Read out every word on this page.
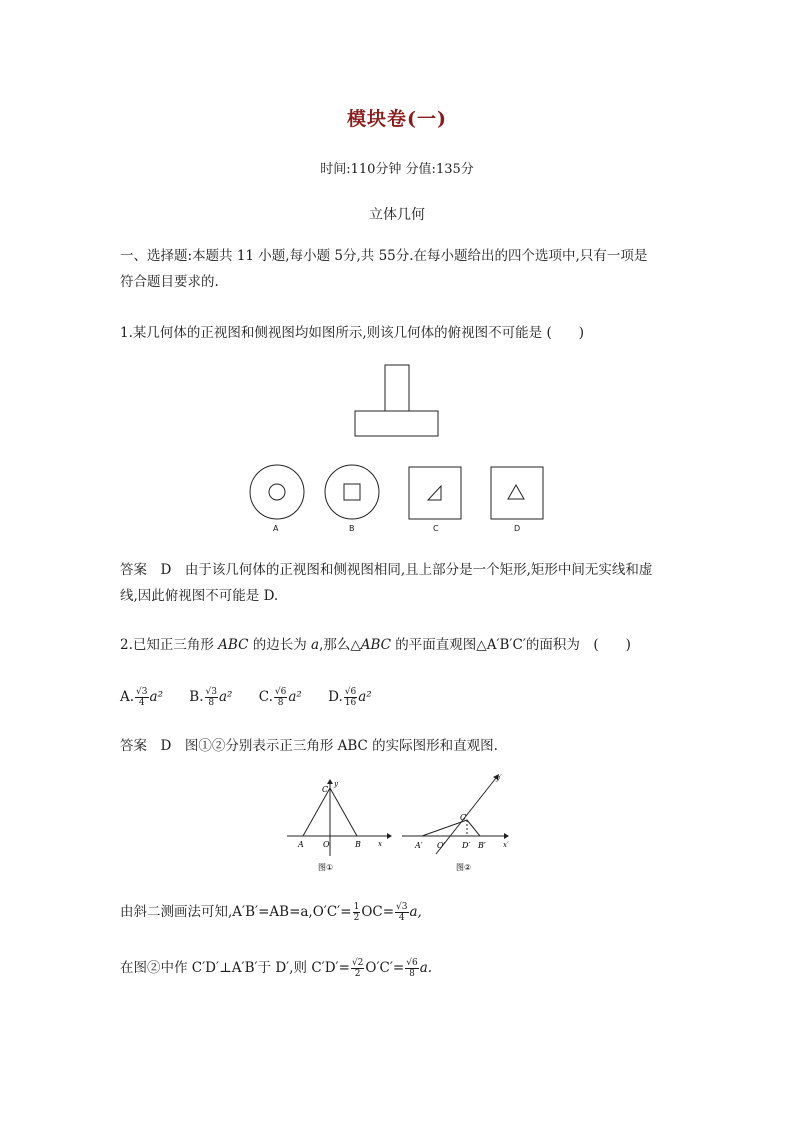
模块卷(一)
时间:110分钟 分值:135分
立体几何
一、选择题:本题共 11 小题,每小题 5分,共 55分.在每小题给出的四个选项中,只有一项是
符合题目要求的.
1.某几何体的正视图和侧视图均如图所示,则该几何体的俯视图不可能是 (　　)
A	B	C	D
答案　D　由于该几何体的正视图和侧视图相同,且上部分是一个矩形,矩形中间无实线和虚
线,因此俯视图不可能是 D.
2.已知正三角形 ABC 的边长为 a,那么△ABC 的平面直观图△A′B′C′的面积为　(　　)
A. $\frac{√3}{4} a^2$ B. $\frac{√3}{8} a^2$ C. $\frac{√6}{8} a^2$ D. $\frac{√6}{16} a^2$
答案　D　图①②分别表示正三角形 ABC 的实际图形和直观图.
C
y
A O	B x
图①
C′
y′
A′ O′ D′ B′ x′
图②
由斜二测画法可知$,A'B'=AB=a,O'C'= \frac{1}{2} OC= \frac{√3}{4} a$,
在图②中作 C′D′⊥A′B′于 D′,则 $C'D'= \frac{√2}{2} O'C'= \frac{√6}{8} a$.
